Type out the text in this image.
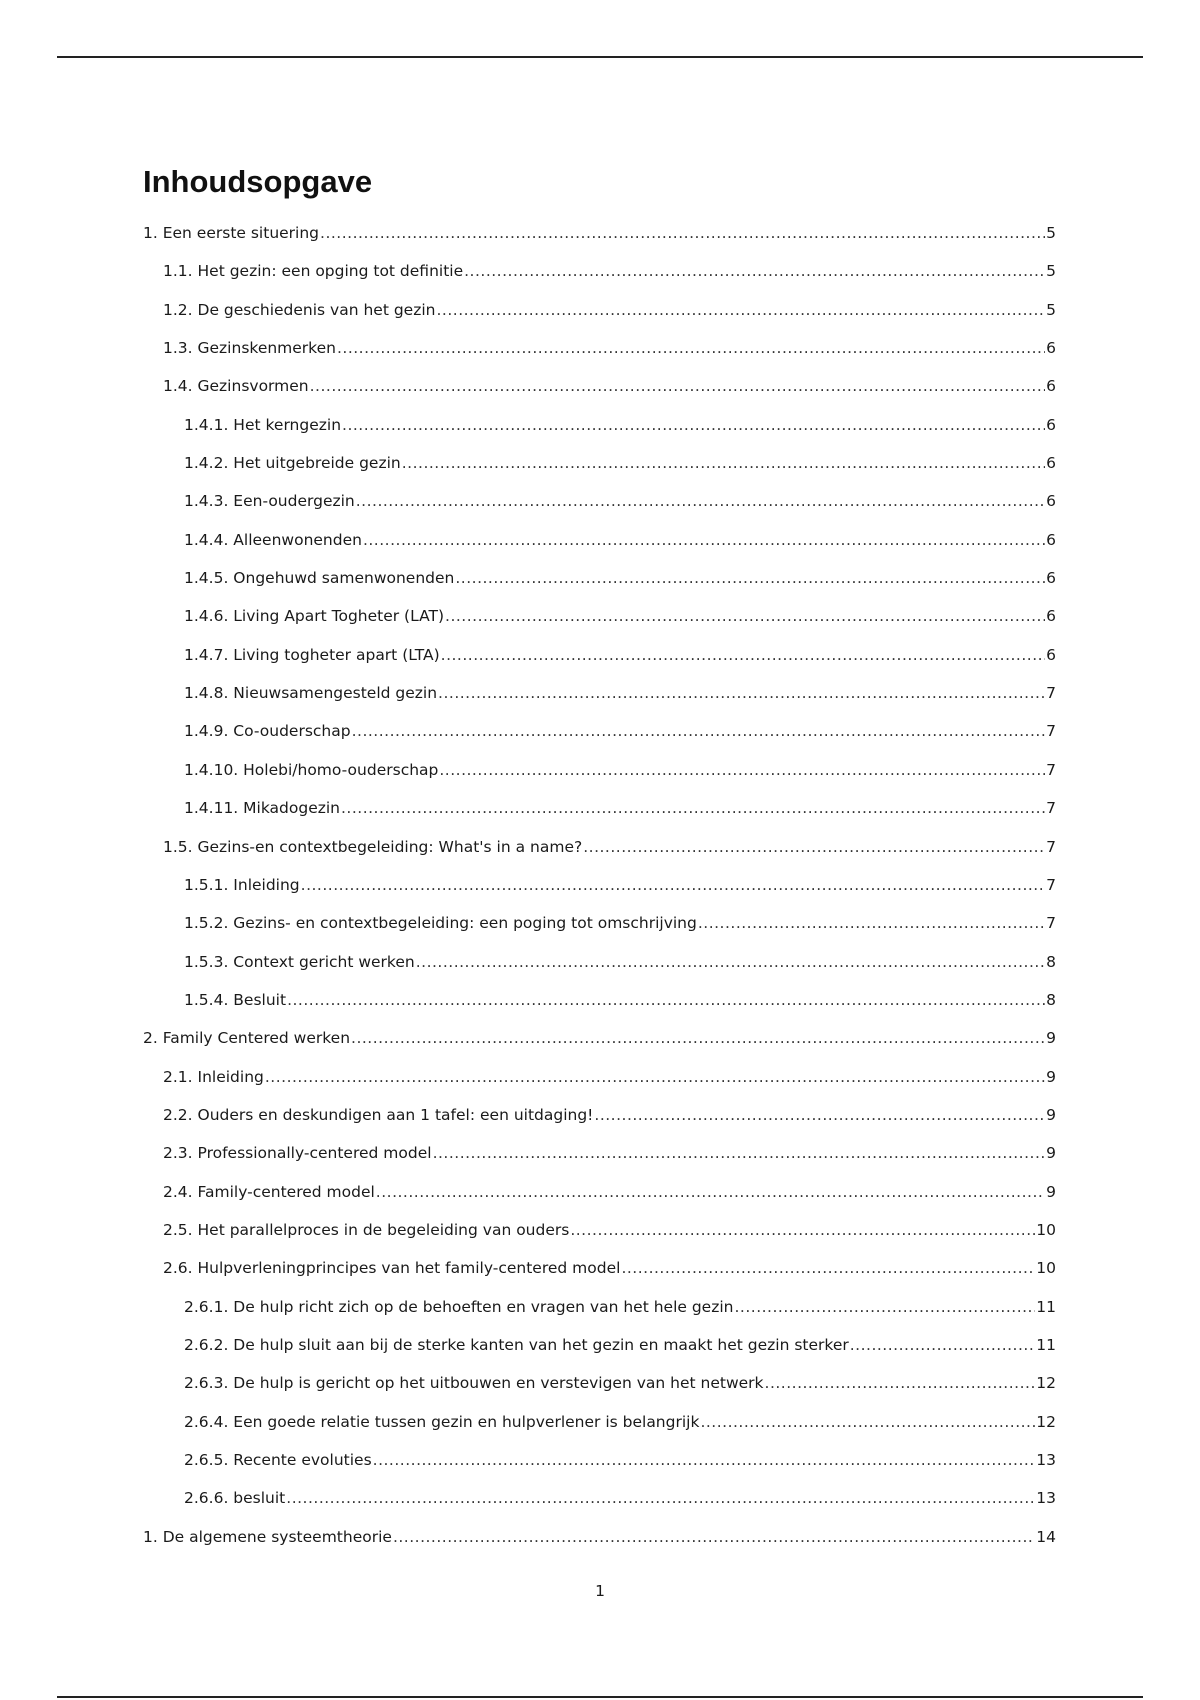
Inhoudsopgave
1. Een eerste situering .....	5
1.1. Het gezin: een opging tot definitie .....	5
1.2. De geschiedenis van het gezin .....	5
1.3. Gezinskenmerken .....	6
1.4. Gezinsvormen .....	6
1.4.1. Het kerngezin .....	6
1.4.2. Het uitgebreide gezin .....	6
1.4.3. Een-oudergezin .....	6
1.4.4. Alleenwonenden .....	6
1.4.5. Ongehuwd samenwonenden .....	6
1.4.6. Living Apart Togheter (LAT) .....	6
1.4.7. Living togheter apart (LTA) .....	6
1.4.8. Nieuwsamengesteld gezin .....	7
1.4.9. Co-ouderschap .....	7
1.4.10. Holebi/homo-ouderschap .....	7
1.4.11. Mikadogezin .....	7
1.5. Gezins-en contextbegeleiding: What's in a name? .....	7
1.5.1. Inleiding .....	7
1.5.2. Gezins- en contextbegeleiding: een poging tot omschrijving .....	7
1.5.3. Context gericht werken .....	8
1.5.4. Besluit .....	8
2. Family Centered werken .....	9
2.1. Inleiding .....	9
2.2. Ouders en deskundigen aan 1 tafel: een uitdaging! .....	9
2.3. Professionally-centered model .....	9
2.4. Family-centered model .....	9
2.5. Het parallelproces in de begeleiding van ouders .....	10
2.6. Hulpverleningprincipes van het family-centered model .....	10
2.6.1. De hulp richt zich op de behoeften en vragen van het hele gezin .....	11
2.6.2. De hulp sluit aan bij de sterke kanten van het gezin en maakt het gezin sterker .....	11
2.6.3. De hulp is gericht op het uitbouwen en verstevigen van het netwerk .....	12
2.6.4. Een goede relatie tussen gezin en hulpverlener is belangrijk .....	12
2.6.5. Recente evoluties .....	13
2.6.6. besluit .....	13
1. De algemene systeemtheorie .....	14
1
